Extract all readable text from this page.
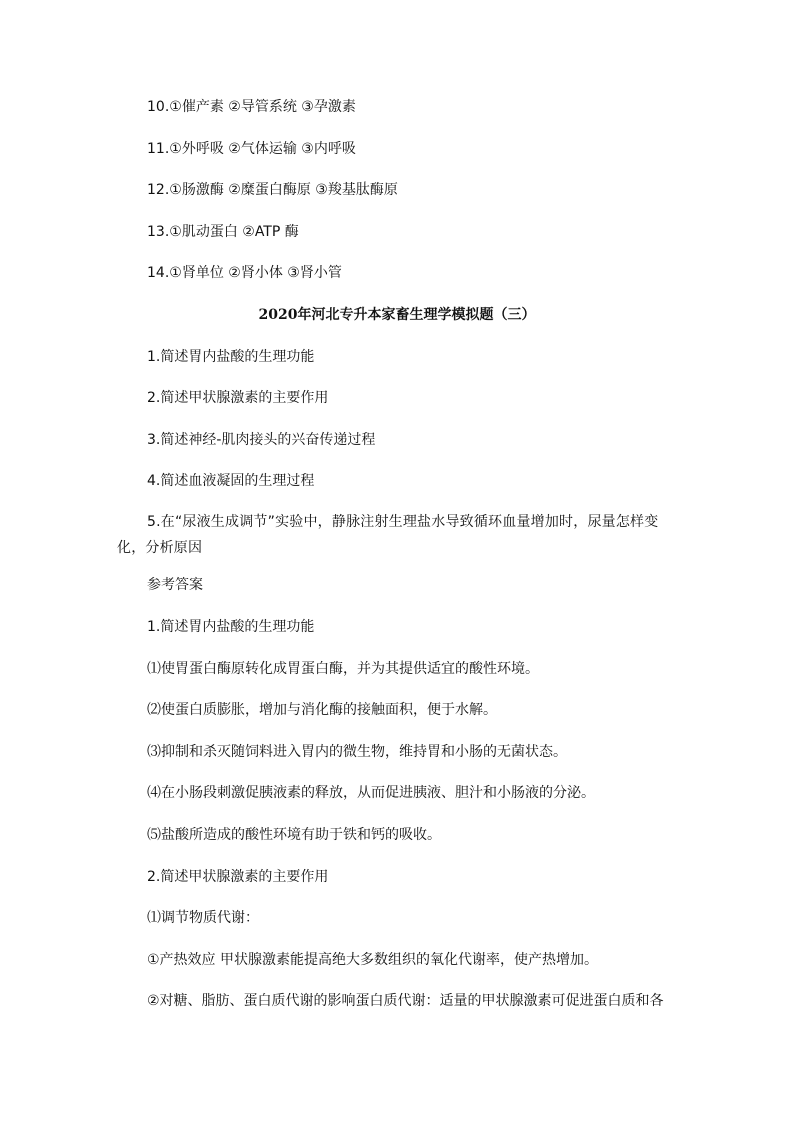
10.①催产素 ②导管系统 ③孕激素
11.①外呼吸 ②气体运输 ③内呼吸
12.①肠激酶 ②糜蛋白酶原 ③羧基肽酶原
13.①肌动蛋白 ②ATP 酶
14.①肾单位 ②肾小体 ③肾小管
2020年河北专升本家畜生理学模拟题（三）
1.简述胃内盐酸的生理功能
2.简述甲状腺激素的主要作用
3.简述神经-肌肉接头的兴奋传递过程
4.简述血液凝固的生理过程
5.在“尿液生成调节”实验中，静脉注射生理盐水导致循环血量增加时，尿量怎样变化，分析原因
参考答案
1.简述胃内盐酸的生理功能
⑴使胃蛋白酶原转化成胃蛋白酶，并为其提供适宜的酸性环境。
⑵使蛋白质膨胀，增加与消化酶的接触面积，便于水解。
⑶抑制和杀灭随饲料进入胃内的微生物，维持胃和小肠的无菌状态。
⑷在小肠段刺激促胰液素的释放，从而促进胰液、胆汁和小肠液的分泌。
⑸盐酸所造成的酸性环境有助于铁和钙的吸收。
2.简述甲状腺激素的主要作用
⑴调节物质代谢：
①产热效应 甲状腺激素能提高绝大多数组织的氧化代谢率，使产热增加。
②对糖、脂肪、蛋白质代谢的影响蛋白质代谢：适量的甲状腺激素可促进蛋白质和各
